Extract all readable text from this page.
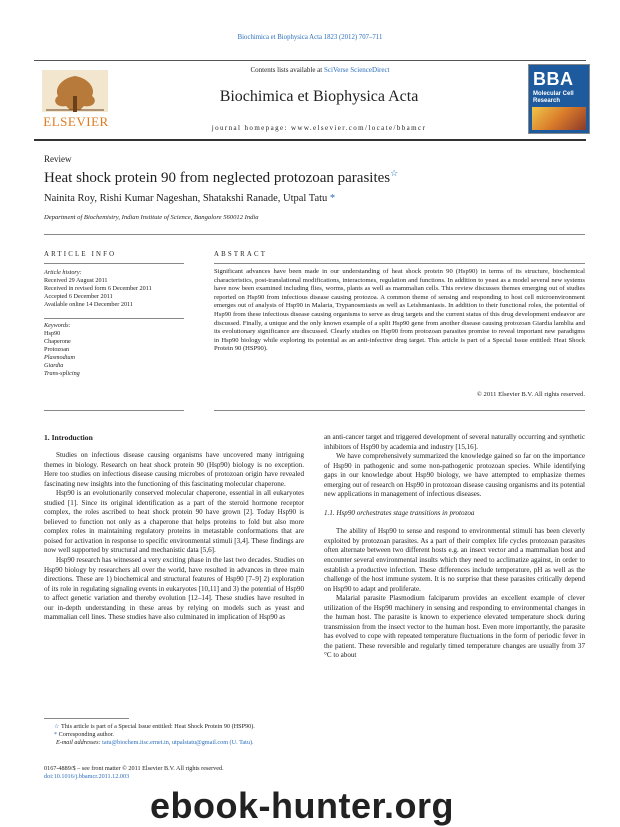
Biochimica et Biophysica Acta 1823 (2012) 707–711
ELSEVIER
Contents lists available at SciVerse ScienceDirect
Biochimica et Biophysica Acta
journal homepage: www.elsevier.com/locate/bbamcr
BBA
Molecular Cell Research
Review
Heat shock protein 90 from neglected protozoan parasites☆
Nainita Roy, Rishi Kumar Nageshan, Shatakshi Ranade, Utpal Tatu *
Department of Biochemistry, Indian Institute of Science, Bangalore 560012 India
ARTICLE INFO
Article history:
Received 29 August 2011
Received in revised form 6 December 2011
Accepted 6 December 2011
Available online 14 December 2011
Keywords:
Hsp90
Chaperone
Protozoan
Plasmodium
Giardia
Trans-splicing
ABSTRACT

Significant advances have been made in our understanding of heat shock protein 90 (Hsp90) in terms of its structure, biochemical characteristics, post-translational modifications, interactomes, regulation and functions. In addition to yeast as a model several new systems have now been examined including flies, worms, plants as well as mammalian cells. This review discusses themes emerging out of studies reported on Hsp90 from infectious disease causing protozoa. A common theme of sensing and responding to host cell microenvironment emerges out of analysis of Hsp90 in Malaria, Trypanosmiasis as well as Leishmaniasis. In addition to their functional roles, the potential of Hsp90 from these infectious disease causing organisms to serve as drug targets and the current status of this drug development endeavor are discussed. Finally, a unique and the only known example of a split Hsp90 gene from another disease causing protozoan Giardia lamblia and its evolutionary significance are discussed. Clearly studies on Hsp90 from protozoan parasites promise to reveal important new paradigms in Hsp90 biology while exploring its potential as an anti-infective drug target. This article is part of a Special Issue entitled: Heat Shock Protein 90 (HSP90).

© 2011 Elsevier B.V. All rights reserved.
1. Introduction

Studies on infectious disease causing organisms have uncovered many intriguing themes in biology. Research on heat shock protein 90 (Hsp90) biology is no exception. Here too studies on infectious disease causing microbes of protozoan origin have revealed fascinating new insights into the functioning of this fascinating molecular chaperone.

Hsp90 is an evolutionarily conserved molecular chaperone, essential in all eukaryotes studied [1]. Since its original identification as a part of the steroid hormone receptor complex, the roles ascribed to heat shock protein 90 have grown [2]. Today Hsp90 is believed to function not only as a chaperone that helps proteins to fold but also more complex roles in maintaining regulatory proteins in metastable conformations that are poised for activation in response to specific environmental stimuli [3,4]. These findings are now well supported by structural and mechanistic data [5,6].

Hsp90 research has witnessed a very exciting phase in the last two decades. Studies on Hsp90 biology by researchers all over the world, have resulted in advances in three main directions. These are 1) biochemical and structural features of Hsp90 [7–9] 2) exploration of its role in regulating signaling events in eukaryotes [10,11] and 3) the potential of Hsp90 to affect genetic variation and thereby evolution [12–14]. These studies have resulted in our in-depth understanding in these areas by relying on models such as yeast and mammalian cell lines. These studies have also culminated in implication of Hsp90 as

☆ This article is part of a Special Issue entitled: Heat Shock Protein 90 (HSP90).
* Corresponding author.
E-mail addresses: tatu@biochem.iisc.ernet.in, utpalstatu@gmail.com (U. Tatu).
0167-4889/$ – see front matter © 2011 Elsevier B.V. All rights reserved.
doi:10.1016/j.bbamcr.2011.12.003

an anti-cancer target and triggered development of several naturally occurring and synthetic inhibitors of Hsp90 by academia and industry [15,16].

We have comprehensively summarized the knowledge gained so far on the importance of Hsp90 in pathogenic and some non-pathogenic protozoan species. While identifying gaps in our knowledge about Hsp90 biology, we have attempted to emphasize themes emerging out of research on Hsp90 in protozoan disease causing organisms and its potential new applications in management of infectious diseases.

1.1. Hsp90 orchestrates stage transitions in protozoa

The ability of Hsp90 to sense and respond to environmental stimuli has been cleverly exploited by protozoan parasites. As a part of their complex life cycles protozoan parasites often alternate between two different hosts e.g. an insect vector and a mammalian host and encounter several environmental insults which they need to acclimatize against, in order to establish a productive infection. These differences include temperature, pH as well as the challenge of the host immune system. It is no surprise that these parasites critically depend on Hsp90 to adapt and proliferate.

Malarial parasite Plasmodium falciparum provides an excellent example of clever utilization of the Hsp90 machinery in sensing and responding to environmental changes in the human host. The parasite is known to experience elevated temperature shock during transmission from the insect vector to the human host. Even more importantly, the parasite has evolved to cope with repeated temperature fluctuations in the form of periodic fever in the patient. These reversible and regularly timed temperature changes are usually from 37 °C to about

ebook-hunter.org
